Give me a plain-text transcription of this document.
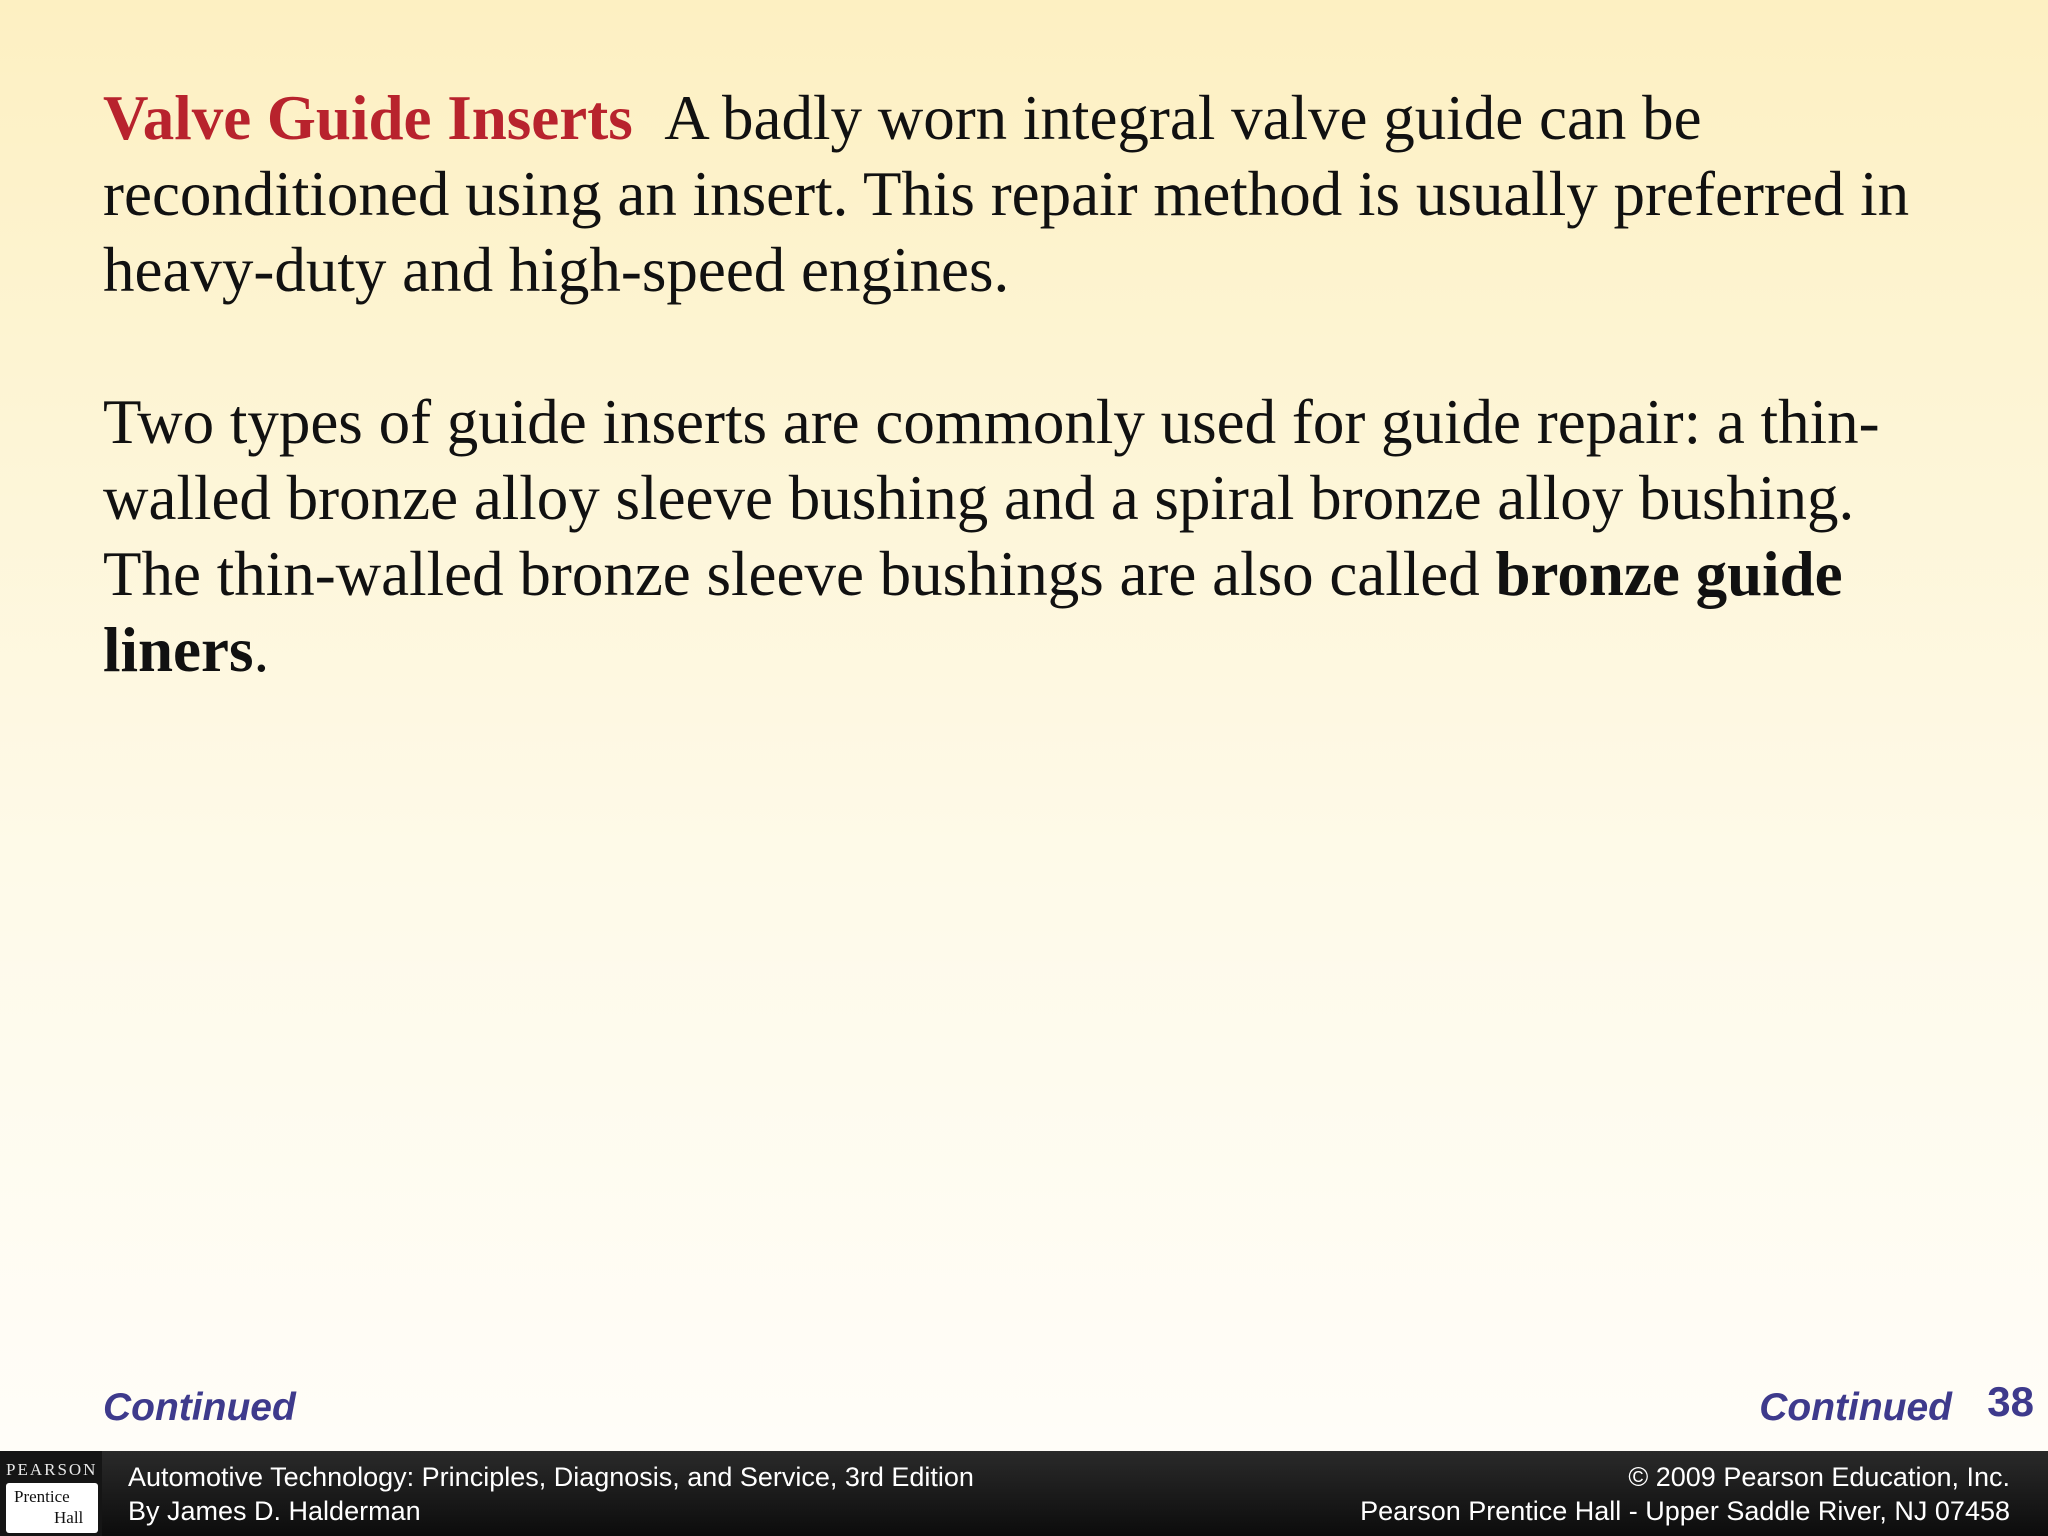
Valve Guide Inserts A badly worn integral valve guide can be reconditioned using an insert. This repair method is usually preferred in heavy-duty and high-speed engines.

Two types of guide inserts are commonly used for guide repair: a thin-walled bronze alloy sleeve bushing and a spiral bronze alloy bushing. The thin-walled bronze sleeve bushings are also called bronze guide liners.

Continued	Continued 38
PEARSON
Prentice
Hall
Automotive Technology: Principles, Diagnosis, and Service, 3rd Edition
By James D. Halderman
© 2009 Pearson Education, Inc.
Pearson Prentice Hall - Upper Saddle River, NJ 07458
